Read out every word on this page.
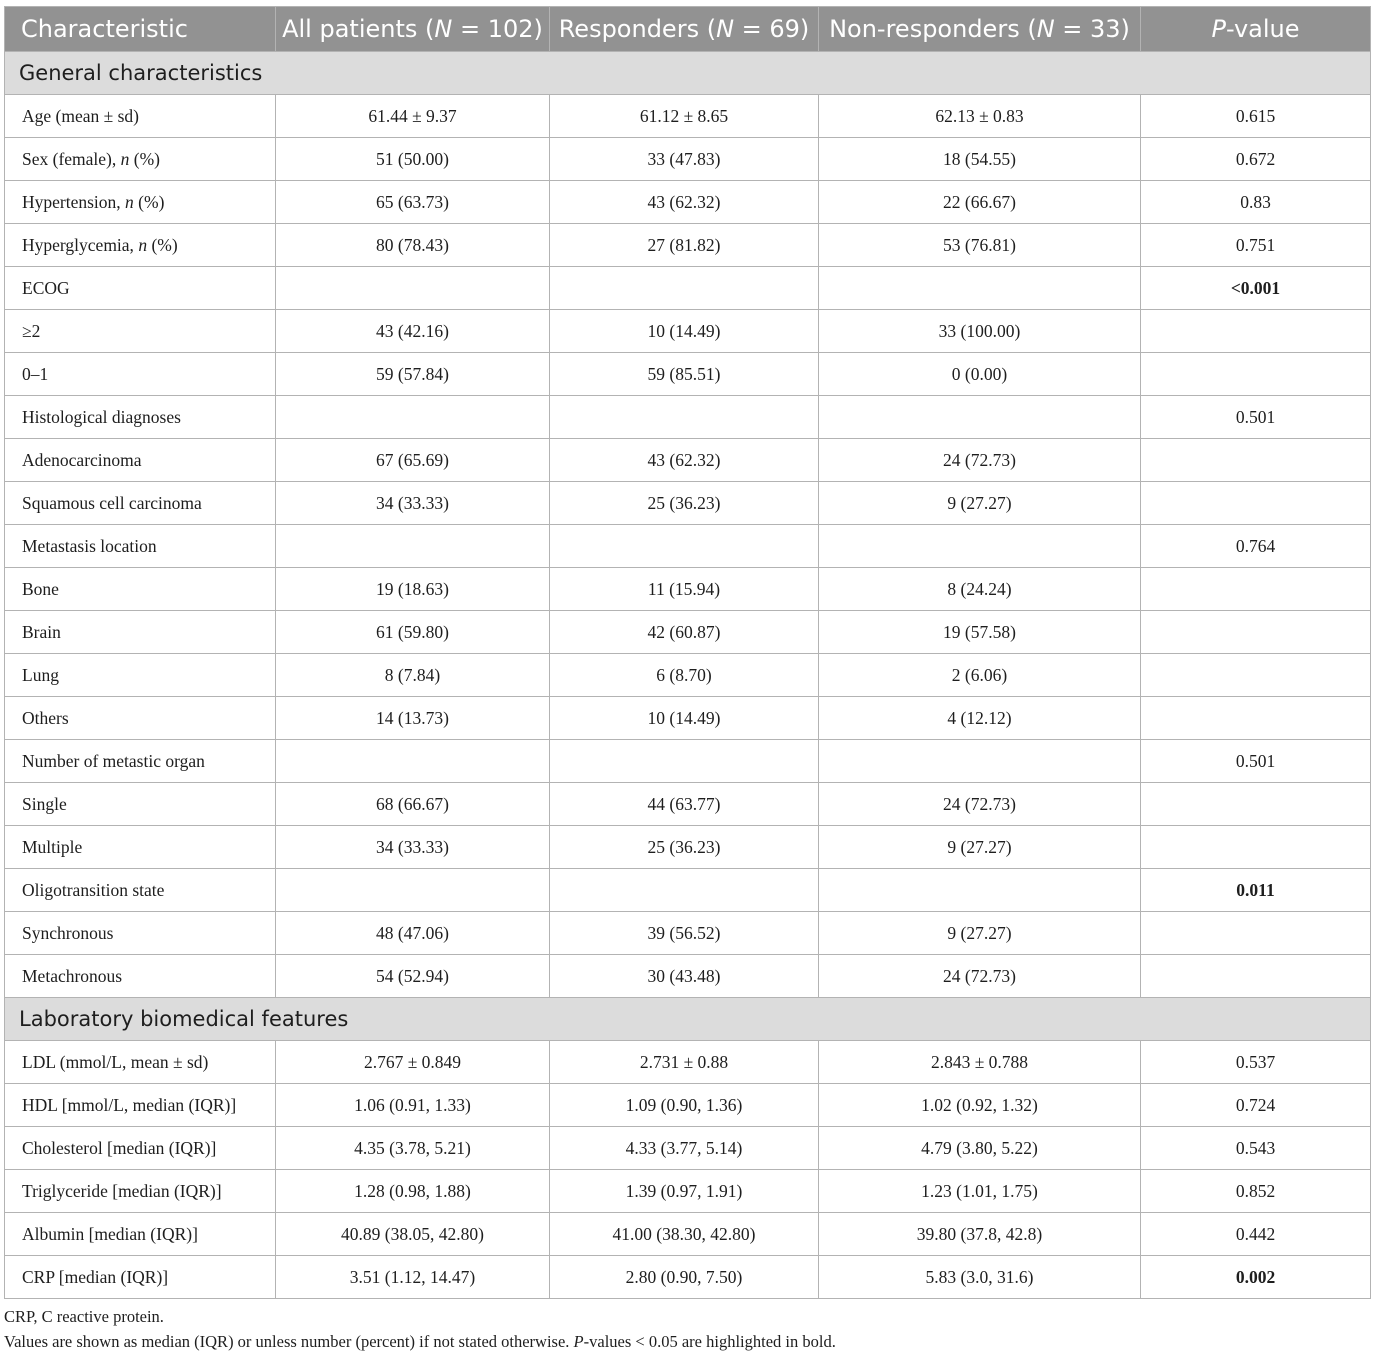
Characteristic	All patients (N = 102)	Responders (N = 69)	Non-responders (N = 33)	P-value
General characteristics				
Age (mean ± sd)	61.44 ± 9.37	61.12 ± 8.65	62.13 ± 0.83	0.615
Sex (female), n (%)	51 (50.00)	33 (47.83)	18 (54.55)	0.672
Hypertension, n (%)	65 (63.73)	43 (62.32)	22 (66.67)	0.83
Hyperglycemia, n (%)	80 (78.43)	27 (81.82)	53 (76.81)	0.751
ECOG				<0.001
≥2	43 (42.16)	10 (14.49)	33 (100.00)	
0–1	59 (57.84)	59 (85.51)	0 (0.00)	
Histological diagnoses				0.501
Adenocarcinoma	67 (65.69)	43 (62.32)	24 (72.73)	
Squamous cell carcinoma	34 (33.33)	25 (36.23)	9 (27.27)	
Metastasis location				0.764
Bone	19 (18.63)	11 (15.94)	8 (24.24)	
Brain	61 (59.80)	42 (60.87)	19 (57.58)	
Lung	8 (7.84)	6 (8.70)	2 (6.06)	
Others	14 (13.73)	10 (14.49)	4 (12.12)	
Number of metastic organ				0.501
Single	68 (66.67)	44 (63.77)	24 (72.73)	
Multiple	34 (33.33)	25 (36.23)	9 (27.27)	
Oligotransition state				0.011
Synchronous	48 (47.06)	39 (56.52)	9 (27.27)	
Metachronous	54 (52.94)	30 (43.48)	24 (72.73)	
Laboratory biomedical features				
LDL (mmol/L, mean ± sd)	2.767 ± 0.849	2.731 ± 0.88	2.843 ± 0.788	0.537
HDL [mmol/L, median (IQR)]	1.06 (0.91, 1.33)	1.09 (0.90, 1.36)	1.02 (0.92, 1.32)	0.724
Cholesterol [median (IQR)]	4.35 (3.78, 5.21)	4.33 (3.77, 5.14)	4.79 (3.80, 5.22)	0.543
Triglyceride [median (IQR)]	1.28 (0.98, 1.88)	1.39 (0.97, 1.91)	1.23 (1.01, 1.75)	0.852
Albumin [median (IQR)]	40.89 (38.05, 42.80)	41.00 (38.30, 42.80)	39.80 (37.8, 42.8)	0.442
CRP [median (IQR)]	3.51 (1.12, 14.47)	2.80 (0.90, 7.50)	5.83 (3.0, 31.6)	0.002
CRP, C reactive protein.
Values are shown as median (IQR) or unless number (percent) if not stated otherwise. P-values < 0.05 are highlighted in bold.
